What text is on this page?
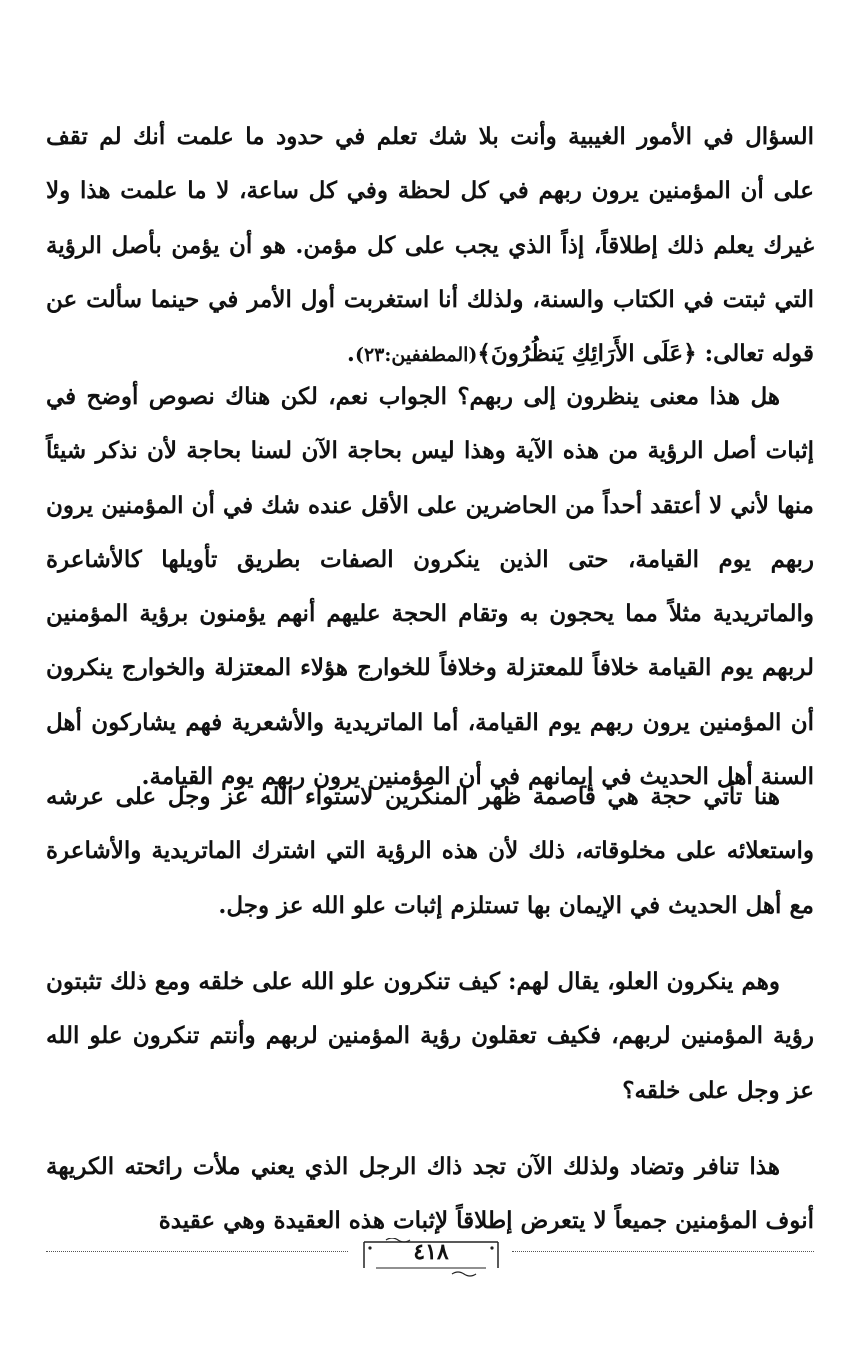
السؤال في الأمور الغيبية وأنت بلا شك تعلم في حدود ما علمت أنك لم تقف على أن المؤمنين يرون ربهم في كل لحظة وفي كل ساعة، لا ما علمت هذا ولا غيرك يعلم ذلك إطلاقاً، إذاً الذي يجب على كل مؤمن. هو أن يؤمن بأصل الرؤية التي ثبتت في الكتاب والسنة، ولذلك أنا استغربت أول الأمر في حينما سألت عن قوله تعالى: ﴿عَلَى الأَرَائِكِ يَنظُرُونَ﴾(المطففين:٢٣).

هل هذا معنى ينظرون إلى ربهم؟ الجواب نعم، لكن هناك نصوص أوضح في إثبات أصل الرؤية من هذه الآية وهذا ليس بحاجة الآن لسنا بحاجة لأن نذكر شيئاً منها لأني لا أعتقد أحداً من الحاضرين على الأقل عنده شك في أن المؤمنين يرون ربهم يوم القيامة، حتى الذين ينكرون الصفات بطريق تأويلها كالأشاعرة والماتريدية مثلاً مما يحجون به وتقام الحجة عليهم أنهم يؤمنون برؤية المؤمنين لربهم يوم القيامة خلافاً للمعتزلة وخلافاً للخوارج هؤلاء المعتزلة والخوارج ينكرون أن المؤمنين يرون ربهم يوم القيامة، أما الماتريدية والأشعرية فهم يشاركون أهل السنة أهل الحديث في إيمانهم في أن المؤمنين يرون ربهم يوم القيامة.

هنا تأتي حجة هي قاصمة ظهر المنكرين لاستواء الله عز وجل على عرشه واستعلائه على مخلوقاته، ذلك لأن هذه الرؤية التي اشترك الماتريدية والأشاعرة مع أهل الحديث في الإيمان بها تستلزم إثبات علو الله عز وجل.

وهم ينكرون العلو، يقال لهم: كيف تنكرون علو الله على خلقه ومع ذلك تثبتون رؤية المؤمنين لربهم، فكيف تعقلون رؤية المؤمنين لربهم وأنتم تنكرون علو الله عز وجل على خلقه؟

هذا تنافر وتضاد ولذلك الآن تجد ذاك الرجل الذي يعني ملأت رائحته الكريهة أنوف المؤمنين جميعاً لا يتعرض إطلاقاً لإثبات هذه العقيدة وهي عقيدة

٤١٨
